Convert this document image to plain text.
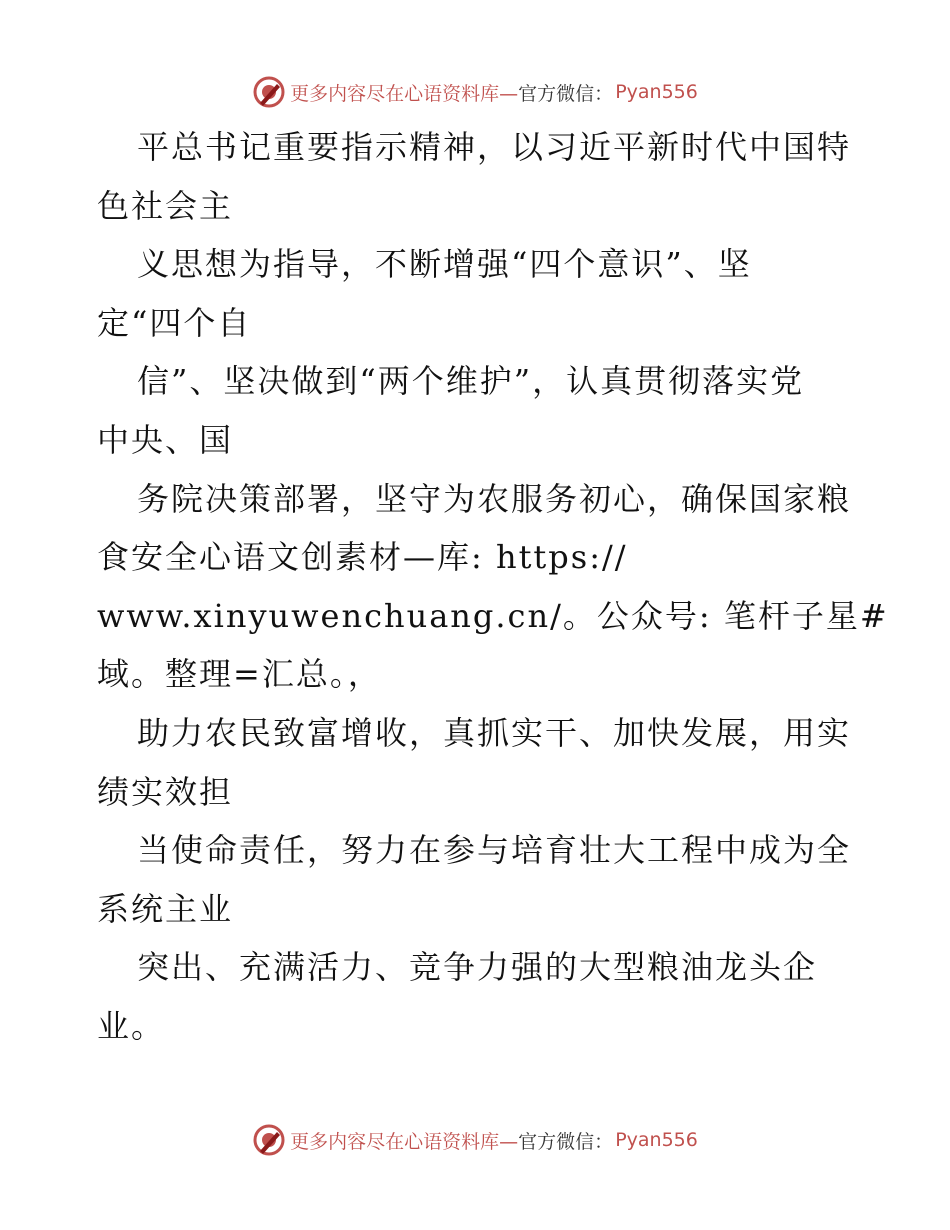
更多内容尽在心语资料库— 官方微信： Pyan556
平总书记重要指示精神，以习近平新时代中国特
色社会主
义思想为指导，不断增强“四个意识”、坚
定“四个自
信”、坚决做到“两个维护”，认真贯彻落实党
中央、国
务院决策部署，坚守为农服务初心，确保国家粮
食安全心语文创素材—库: https://
www.xinyuwenchuang.cn/。公众号: 笔杆子星#
域。整理=汇总。，
助力农民致富增收，真抓实干、加快发展，用实
绩实效担
当使命责任，努力在参与培育壮大工程中成为全
系统主业
突出、充满活力、竞争力强的大型粮油龙头企
业。
更多内容尽在心语资料库— 官方微信： Pyan556
